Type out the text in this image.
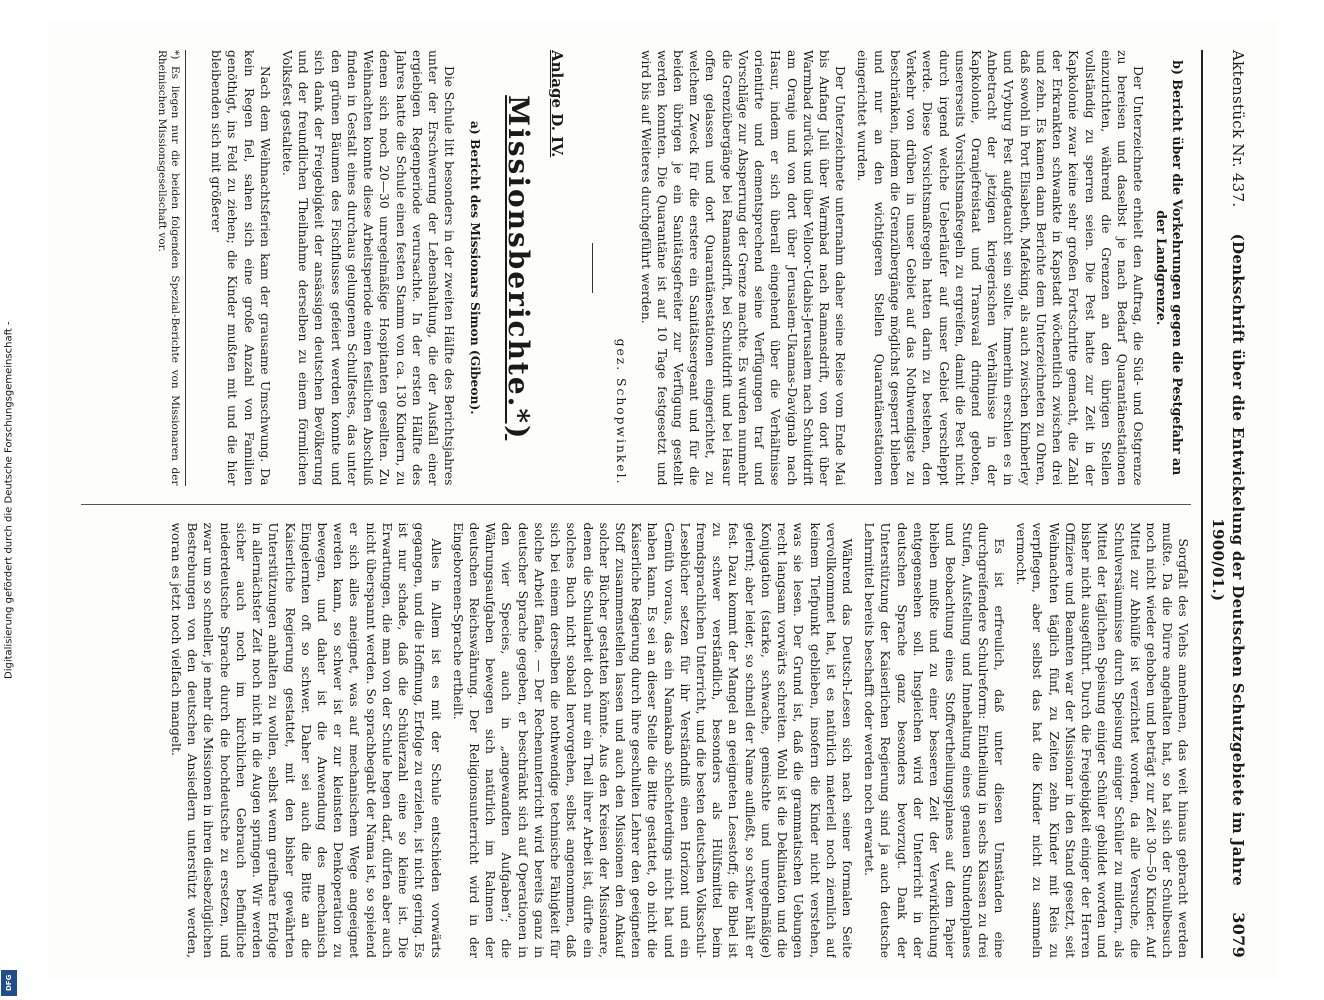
Digitalisierung gefördert durch die Deutsche Forschungsgemeinschaft -
DFG
Aktenstück Nr. 437.
(Denkschrift über die Entwickelung der Deutschen Schutzgebiete im Jahre 1900/01.)
3079
b) Bericht über die Vorkehrungen gegen die Pestgefahr an der Landgrenze.

Der Unterzeichnete erhielt den Auftrag, die Süd- und Ostgrenze zu bereisen und daselbst je nach Bedarf Quarantänestationen einzurichten, während die Grenzen an den übrigen Stellen vollständig zu sperren seien. Die Pest hatte zur Zeit in der Kapkolonie zwar keine sehr großen Fortschritte gemacht, die Zahl der Erkrankten schwankte in Kapstadt wöchentlich zwischen drei und zehn. Es kamen dann Berichte dem Unterzeichneten zu Ohren, daß sowohl in Port Elisabeth, Mafeking, als auch zwischen Kimberley und Vryburg Pest aufgetaucht sein sollte. Immerhin erschien es in Anbetracht der jetzigen kriegerischen Verhältnisse in der Kapkolonie, Oranjefreistaat und Transvaal dringend geboten, unsererseits Vorsichtsmaßregeln zu ergreifen, damit die Pest nicht durch irgend welche Ueberläufer auf unser Gebiet verschleppt werde. Diese Vorsichtsmaßregeln hatten darin zu bestehen, den Verkehr von drüben in unser Gebiet auf das Nothwendigste zu beschränken, indem die Grenzübergänge möglichst gesperrt blieben und nur an den wichtigeren Stellen Quarantänestationen eingerichtet wurden.

Der Unterzeichnete unternahm daher seine Reise vom Ende Mai bis Anfang Juli über Warmbad nach Ramansdrift, von dort über Warmbad zurück und über Velloor-Udabis-Jerusalem nach Schuitdrift am Oranje und von dort über Jerusalem-Ukamas-Davignab nach Hasur, indem er sich überall eingehend über die Verhältnisse orientirte und dementsprechend seine Verfügungen traf und Vorschläge zur Absperrung der Grenze machte. Es wurden nunmehr die Grenzübergänge bei Ramansdrift, bei Schuitdrift und bei Hasur offen gelassen und dort Quarantänestationen eingerichtet, zu welchem Zweck für die erstere ein Sanitätssergeant und für die beiden übrigen je ein Sanitätsgefreiter zur Verfügung gestellt werden konnten. Die Quarantäne ist auf 10 Tage festgesetzt und wird bis auf Weiteres durchgeführt werden.

gez. Schopwinkel.
Anlage D. IV.
Missionsberichte.*)
a) Bericht des Missionars Simon (Gibeon).

Die Schule litt besonders in der zweiten Hälfte des Berichtsjahres unter der Erschwerung der Lebenshaltung, die der Ausfall einer ergiebigen Regenperiode verursachte. In der ersten Hälfte des Jahres hatte die Schule einen festen Stamm von ca. 130 Kindern, zu denen sich noch 20—30 unregelmäßige Hospitanten gesellten. Zu Weihnachten konnte diese Arbeitsperiode einen festlichen Abschluß finden in Gestalt eines durchaus gelungenen Schulfestes, das unter den grünen Bäumen des Fischflusses gefeiert werden konnte und sich dank der Freigebigkeit der ansässigen deutschen Bevölkerung und der freundlichen Theilnahme derselben zu einem förmlichen Volksfest gestaltete.

Nach dem Weihnachtsferien kam der grausame Umschwung. Da kein Regen fiel, sahen sich eine große Anzahl von Familien genöthigt, ins Feld zu ziehen; die Kinder mußten mit und die hier bleibenden sich mit größerer

*) Es liegen nur die beiden folgenden Spezial-Berichte von Missionaren der Rheinischen Missionsgesellschaft vor.

Sorgfalt des Viehs annehmen, das weit hinaus gebracht werden mußte. Da die Dürre angehalten hat, so hat sich der Schulbesuch noch nicht wieder gehoben und beträgt zur Zeit 30—50 Kinder. Auf Mittel zur Abhülfe ist verzichtet worden, da alle Versuche, die Schulversäumnisse durch Speisung einiger Schüler zu mildern, als Mittel der täglichen Speisung einiger Schüler gebildet worden und bisher nicht ausgeführt. Durch die Freigebigkeit einiger der Herren Offiziere und Beamten war der Missionar in den Stand gesetzt, seit Weihnachten täglich fünf, zu Zeiten zehn Kinder mit Reis zu verpflegen, aber selbst das hat die Kinder nicht zu sammeln vermocht.

Es ist erfreulich, daß unter diesen Umständen eine durchgreifendere Schulreform: Eintheilung in sechs Klassen zu drei Stufen, Aufstellung und Innehaltung eines genauen Stundenplanes und Beobachtung eines Stoffvertheilungsplanes auf dem Papier bleiben mußte und zu einer besseren Zeit der Verwirklichung entgegensehen soll. Insgleichen wird der Unterricht in der deutschen Sprache ganz besonders bevorzugt. Dank der Unterstützung der Kaiserlichen Regierung sind ja auch deutsche Lehrmittel bereits beschafft oder werden noch erwartet.

Während das Deutsch-Lesen sich nach seiner formalen Seite vervollkommnet hat, ist es natürlich materiell noch ziemlich auf keinem Tiefpunkt geblieben, insofern die Kinder nicht verstehen, was sie lesen. Der Grund ist, daß die grammatischen Uebungen recht langsam vorwärts schreiten. Wohl ist die Deklination und die Konjugation (starke, schwache, gemischte und unregelmäßige) gelernt; aber leider, so schnell der Name aufließt, so schwer hält er fest. Dazu kommt der Mangel an geeigneten Lesestoff; die Bibel ist zu schwer verständlich, besonders als Hülfsmittel beim fremdsprachlichen Unterricht, und die besten deutschen Volksschul-Lesebücher setzen für ihr Verständniß einen Horizont und ein Gemüth voraus, das ein Namaknab schlechterdings nicht hat und haben kann. Es sei an dieser Stelle die Bitte gestattet, ob nicht die Kaiserliche Regierung durch ihre geschulten Lehrer den geeigneten Stoff zusammenstellen lassen und auch den Missionen den Ankauf solcher Bücher gestatten könnte. Aus den Kreisen der Missionare, denen die Schularbeit doch nur ein Theil ihrer Arbeit ist, dürfte ein solches Buch nicht sobald hervorgehen, selbst angenommen, daß sich bei einem derselben die nothwendige technische Fähigkeit für solche Arbeit fände. — Der Rechenunterricht wird bereits ganz in deutscher Sprache gegeben, er beschränkt sich auf Operationen in den vier Species, auch in „angewandten Aufgaben“; die Währungsaufgaben bewegen sich natürlich im Rahmen der deutschen Reichswährung. Der Religionsunterricht wird in der Eingeborenen-Sprache ertheilt.

Alles in Allem ist es mit der Schule entschieden vorwärts gegangen, und die Hoffnung, Erfolge zu erzielen, ist nicht gering. Es ist nur schade, daß die Schülerzahl eine so kleine ist. Die Erwartungen, die man von der Schule hegen darf, dürfen aber auch nicht überspannt werden. So sprachbegabt der Nama ist, so spielend er sich alles aneignet, was auf mechanischem Wege angeeignet werden kann, so schwer ist er zur kleinsten Denkoperation zu bewegen, und daher ist die Anwendung des mechanisch Eingelernten oft so schwer. Daher sei auch die Bitte an die Kaiserliche Regierung gestattet, mit den bisher gewährten Unterstützungen anhalten zu wollen, selbst wenn greifbare Erfolge in allernächster Zeit noch nicht in die Augen springen. Wir werden sicher auch noch im kirchlichen Gebrauch befindliche niederdeutsche Sprache durch die hochdeutsche zu ersetzen, und zwar um so schneller, je mehr die Missionen in ihren diesbezüglichen Bestrebungen von den deutschen Ansiedlern unterstützt werden, woran es jetzt noch vielfach mangelt.
